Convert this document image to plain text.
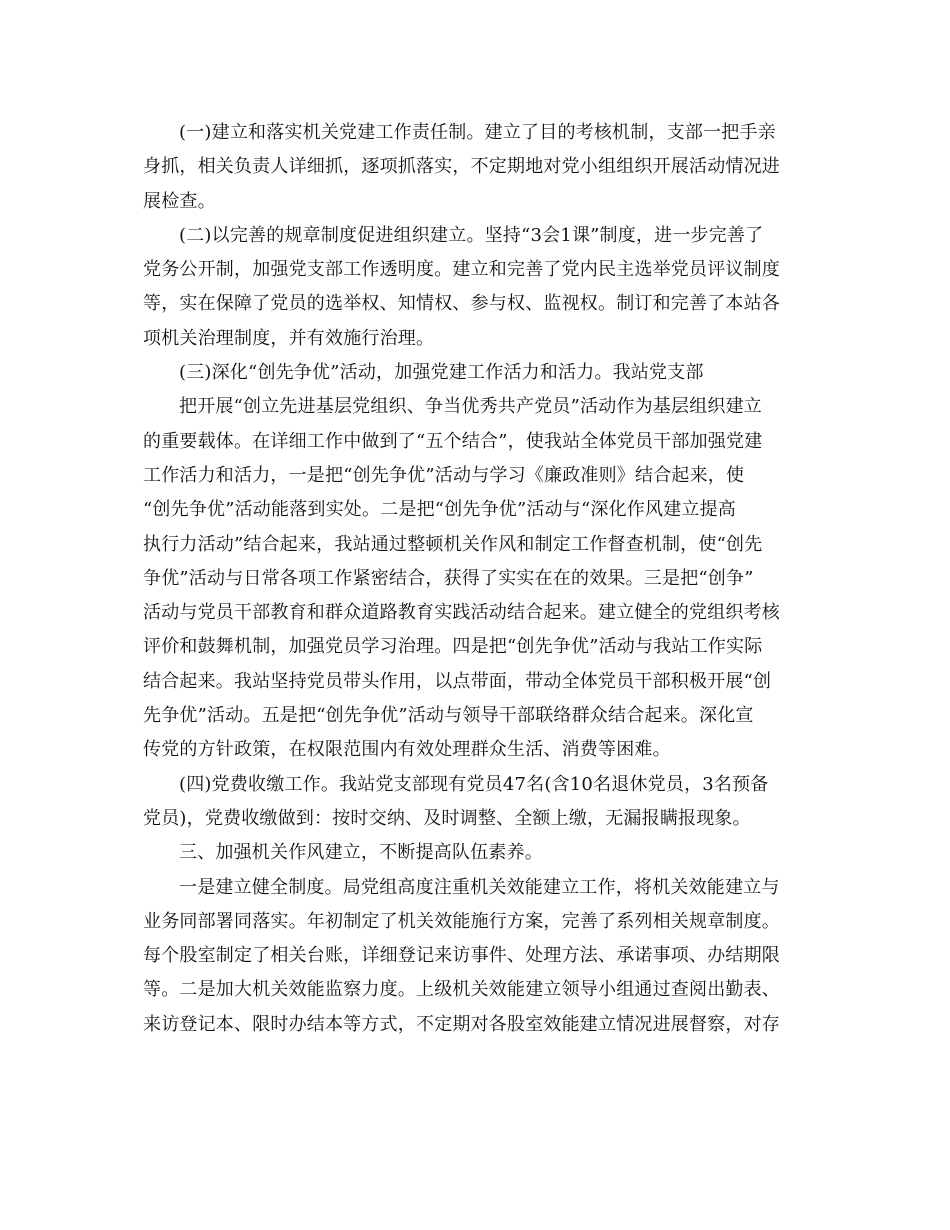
(一)建立和落实机关党建工作责任制。建立了目的考核机制，支部一把手亲
身抓，相关负责人详细抓，逐项抓落实，不定期地对党小组组织开展活动情况进
展检查。
(二)以完善的规章制度促进组织建立。坚持“3会1课”制度，进一步完善了
党务公开制，加强党支部工作透明度。建立和完善了党内民主选举党员评议制度
等，实在保障了党员的选举权、知情权、参与权、监视权。制订和完善了本站各
项机关治理制度，并有效施行治理。
(三)深化“创先争优”活动，加强党建工作活力和活力。我站党支部
把开展“创立先进基层党组织、争当优秀共产党员”活动作为基层组织建立
的重要载体。在详细工作中做到了“五个结合”，使我站全体党员干部加强党建
工作活力和活力，一是把“创先争优”活动与学习《廉政准则》结合起来，使
“创先争优”活动能落到实处。二是把“创先争优”活动与“深化作风建立提高
执行力活动”结合起来，我站通过整顿机关作风和制定工作督查机制，使“创先
争优”活动与日常各项工作紧密结合，获得了实实在在的效果。三是把“创争”
活动与党员干部教育和群众道路教育实践活动结合起来。建立健全的党组织考核
评价和鼓舞机制，加强党员学习治理。四是把“创先争优”活动与我站工作实际
结合起来。我站坚持党员带头作用，以点带面，带动全体党员干部积极开展“创
先争优”活动。五是把“创先争优”活动与领导干部联络群众结合起来。深化宣
传党的方针政策，在权限范围内有效处理群众生活、消费等困难。
(四)党费收缴工作。我站党支部现有党员47名(含10名退休党员，3名预备
党员)，党费收缴做到：按时交纳、及时调整、全额上缴，无漏报瞒报现象。
三、加强机关作风建立，不断提高队伍素养。
一是建立健全制度。局党组高度注重机关效能建立工作，将机关效能建立与
业务同部署同落实。年初制定了机关效能施行方案，完善了系列相关规章制度。
每个股室制定了相关台账，详细登记来访事件、处理方法、承诺事项、办结期限
等。二是加大机关效能监察力度。上级机关效能建立领导小组通过查阅出勤表、
来访登记本、限时办结本等方式，不定期对各股室效能建立情况进展督察，对存
